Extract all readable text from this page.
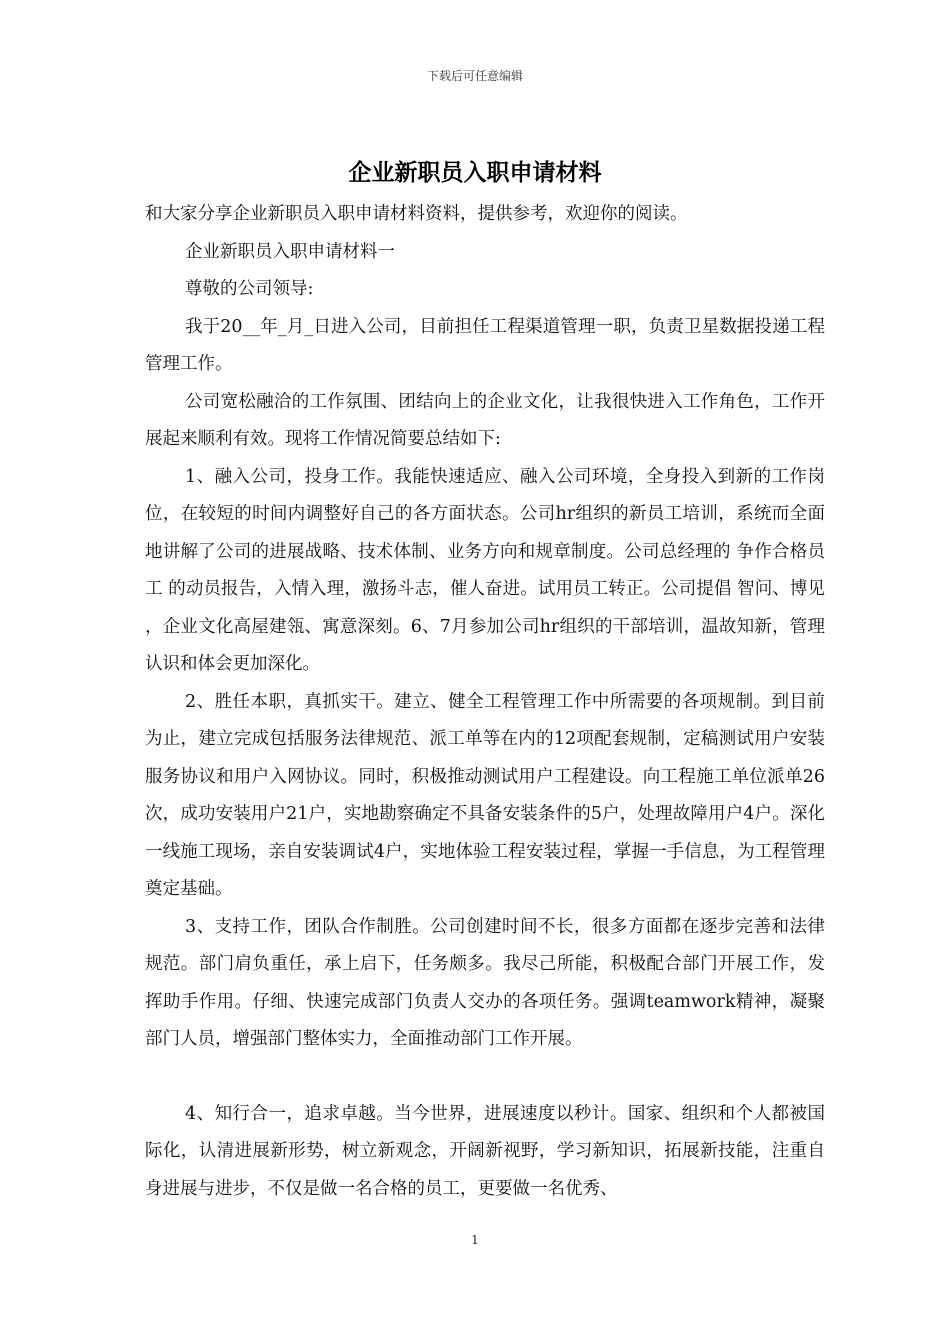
下载后可任意编辑
企业新职员入职申请材料

和大家分享企业新职员入职申请材料资料，提供参考，欢迎你的阅读。

企业新职员入职申请材料一

尊敬的公司领导:

我于20__年_月_日进入公司，目前担任工程渠道管理一职，负责卫星数据投递工程管理工作。

公司宽松融洽的工作氛围、团结向上的企业文化，让我很快进入工作角色，工作开展起来顺利有效。现将工作情况简要总结如下:

1、融入公司，投身工作。我能快速适应、融入公司环境，全身投入到新的工作岗位，在较短的时间内调整好自己的各方面状态。公司hr组织的新员工培训，系统而全面地讲解了公司的进展战略、技术体制、业务方向和规章制度。公司总经理的 争作合格员工 的动员报告，入情入理，激扬斗志，催人奋进。试用员工转正。公司提倡 智问、博见 ，企业文化高屋建瓴、寓意深刻。6、7月参加公司hr组织的干部培训，温故知新，管理认识和体会更加深化。

2、胜任本职，真抓实干。建立、健全工程管理工作中所需要的各项规制。到目前为止，建立完成包括服务法律规范、派工单等在内的12项配套规制，定稿测试用户安装服务协议和用户入网协议。同时，积极推动测试用户工程建设。向工程施工单位派单26次，成功安装用户21户，实地勘察确定不具备安装条件的5户，处理故障用户4户。深化一线施工现场，亲自安装调试4户，实地体验工程安装过程，掌握一手信息，为工程管理奠定基础。

3、支持工作，团队合作制胜。公司创建时间不长，很多方面都在逐步完善和法律规范。部门肩负重任，承上启下，任务颇多。我尽己所能，积极配合部门开展工作，发挥助手作用。仔细、快速完成部门负责人交办的各项任务。强调teamwork精神，凝聚部门人员，增强部门整体实力，全面推动部门工作开展。

4、知行合一，追求卓越。当今世界，进展速度以秒计。国家、组织和个人都被国际化，认清进展新形势，树立新观念，开阔新视野，学习新知识，拓展新技能，注重自身进展与进步，不仅是做一名合格的员工，更要做一名优秀、

1
